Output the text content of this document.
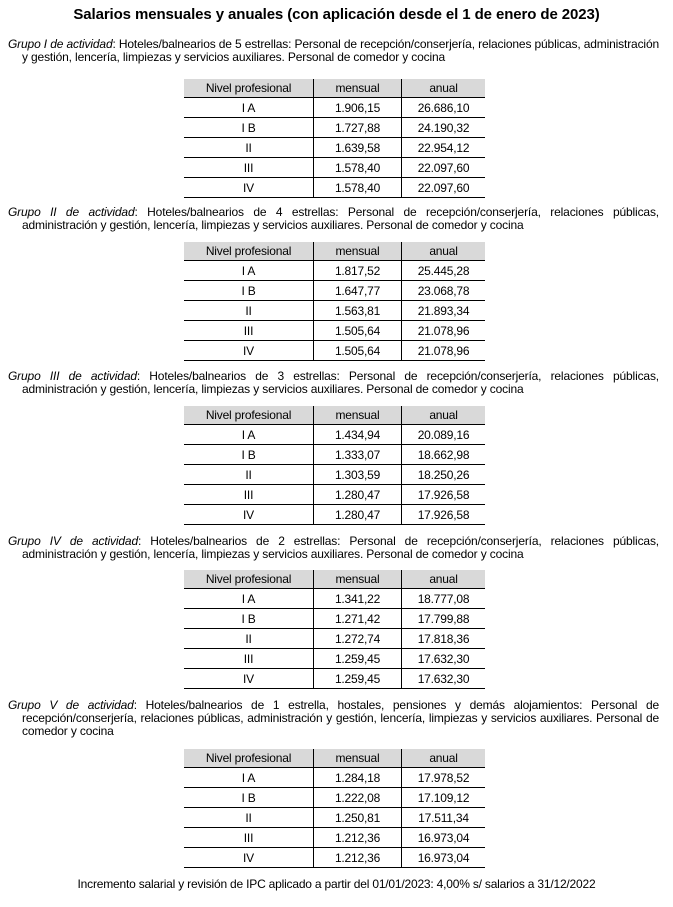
Salarios mensuales y anuales (con aplicación desde el 1 de enero de 2023)

Grupo I de actividad: Hoteles/balnearios de 5 estrellas: Personal de recepción/conserjería, relaciones públicas, administración y gestión, lencería, limpiezas y servicios auxiliares. Personal de comedor y cocina

Nivel profesional	mensual	anual
I A	1.906,15	26.686,10
I B	1.727,88	24.190,32
II	1.639,58	22.954,12
III	1.578,40	22.097,60
IV	1.578,40	22.097,60

Grupo II de actividad: Hoteles/balnearios de 4 estrellas: Personal de recepción/conserjería, relaciones públicas, administración y gestión, lencería, limpiezas y servicios auxiliares. Personal de comedor y cocina

Nivel profesional	mensual	anual
I A	1.817,52	25.445,28
I B	1.647,77	23.068,78
II	1.563,81	21.893,34
III	1.505,64	21.078,96
IV	1.505,64	21.078,96

Grupo III de actividad: Hoteles/balnearios de 3 estrellas: Personal de recepción/conserjería, relaciones públicas, administración y gestión, lencería, limpiezas y servicios auxiliares. Personal de comedor y cocina

Nivel profesional	mensual	anual
I A	1.434,94	20.089,16
I B	1.333,07	18.662,98
II	1.303,59	18.250,26
III	1.280,47	17.926,58
IV	1.280,47	17.926,58

Grupo IV de actividad: Hoteles/balnearios de 2 estrellas: Personal de recepción/conserjería, relaciones públicas, administración y gestión, lencería, limpiezas y servicios auxiliares. Personal de comedor y cocina

Nivel profesional	mensual	anual
I A	1.341,22	18.777,08
I B	1.271,42	17.799,88
II	1.272,74	17.818,36
III	1.259,45	17.632,30
IV	1.259,45	17.632,30

Grupo V de actividad: Hoteles/balnearios de 1 estrella, hostales, pensiones y demás alojamientos: Personal de recepción/conserjería, relaciones públicas, administración y gestión, lencería, limpiezas y servicios auxiliares. Personal de comedor y cocina

Nivel profesional	mensual	anual
I A	1.284,18	17.978,52
I B	1.222,08	17.109,12
II	1.250,81	17.511,34
III	1.212,36	16.973,04
IV	1.212,36	16.973,04
Incremento salarial y revisión de IPC aplicado a partir del 01/01/2023: 4,00% s/ salarios a 31/12/2022
